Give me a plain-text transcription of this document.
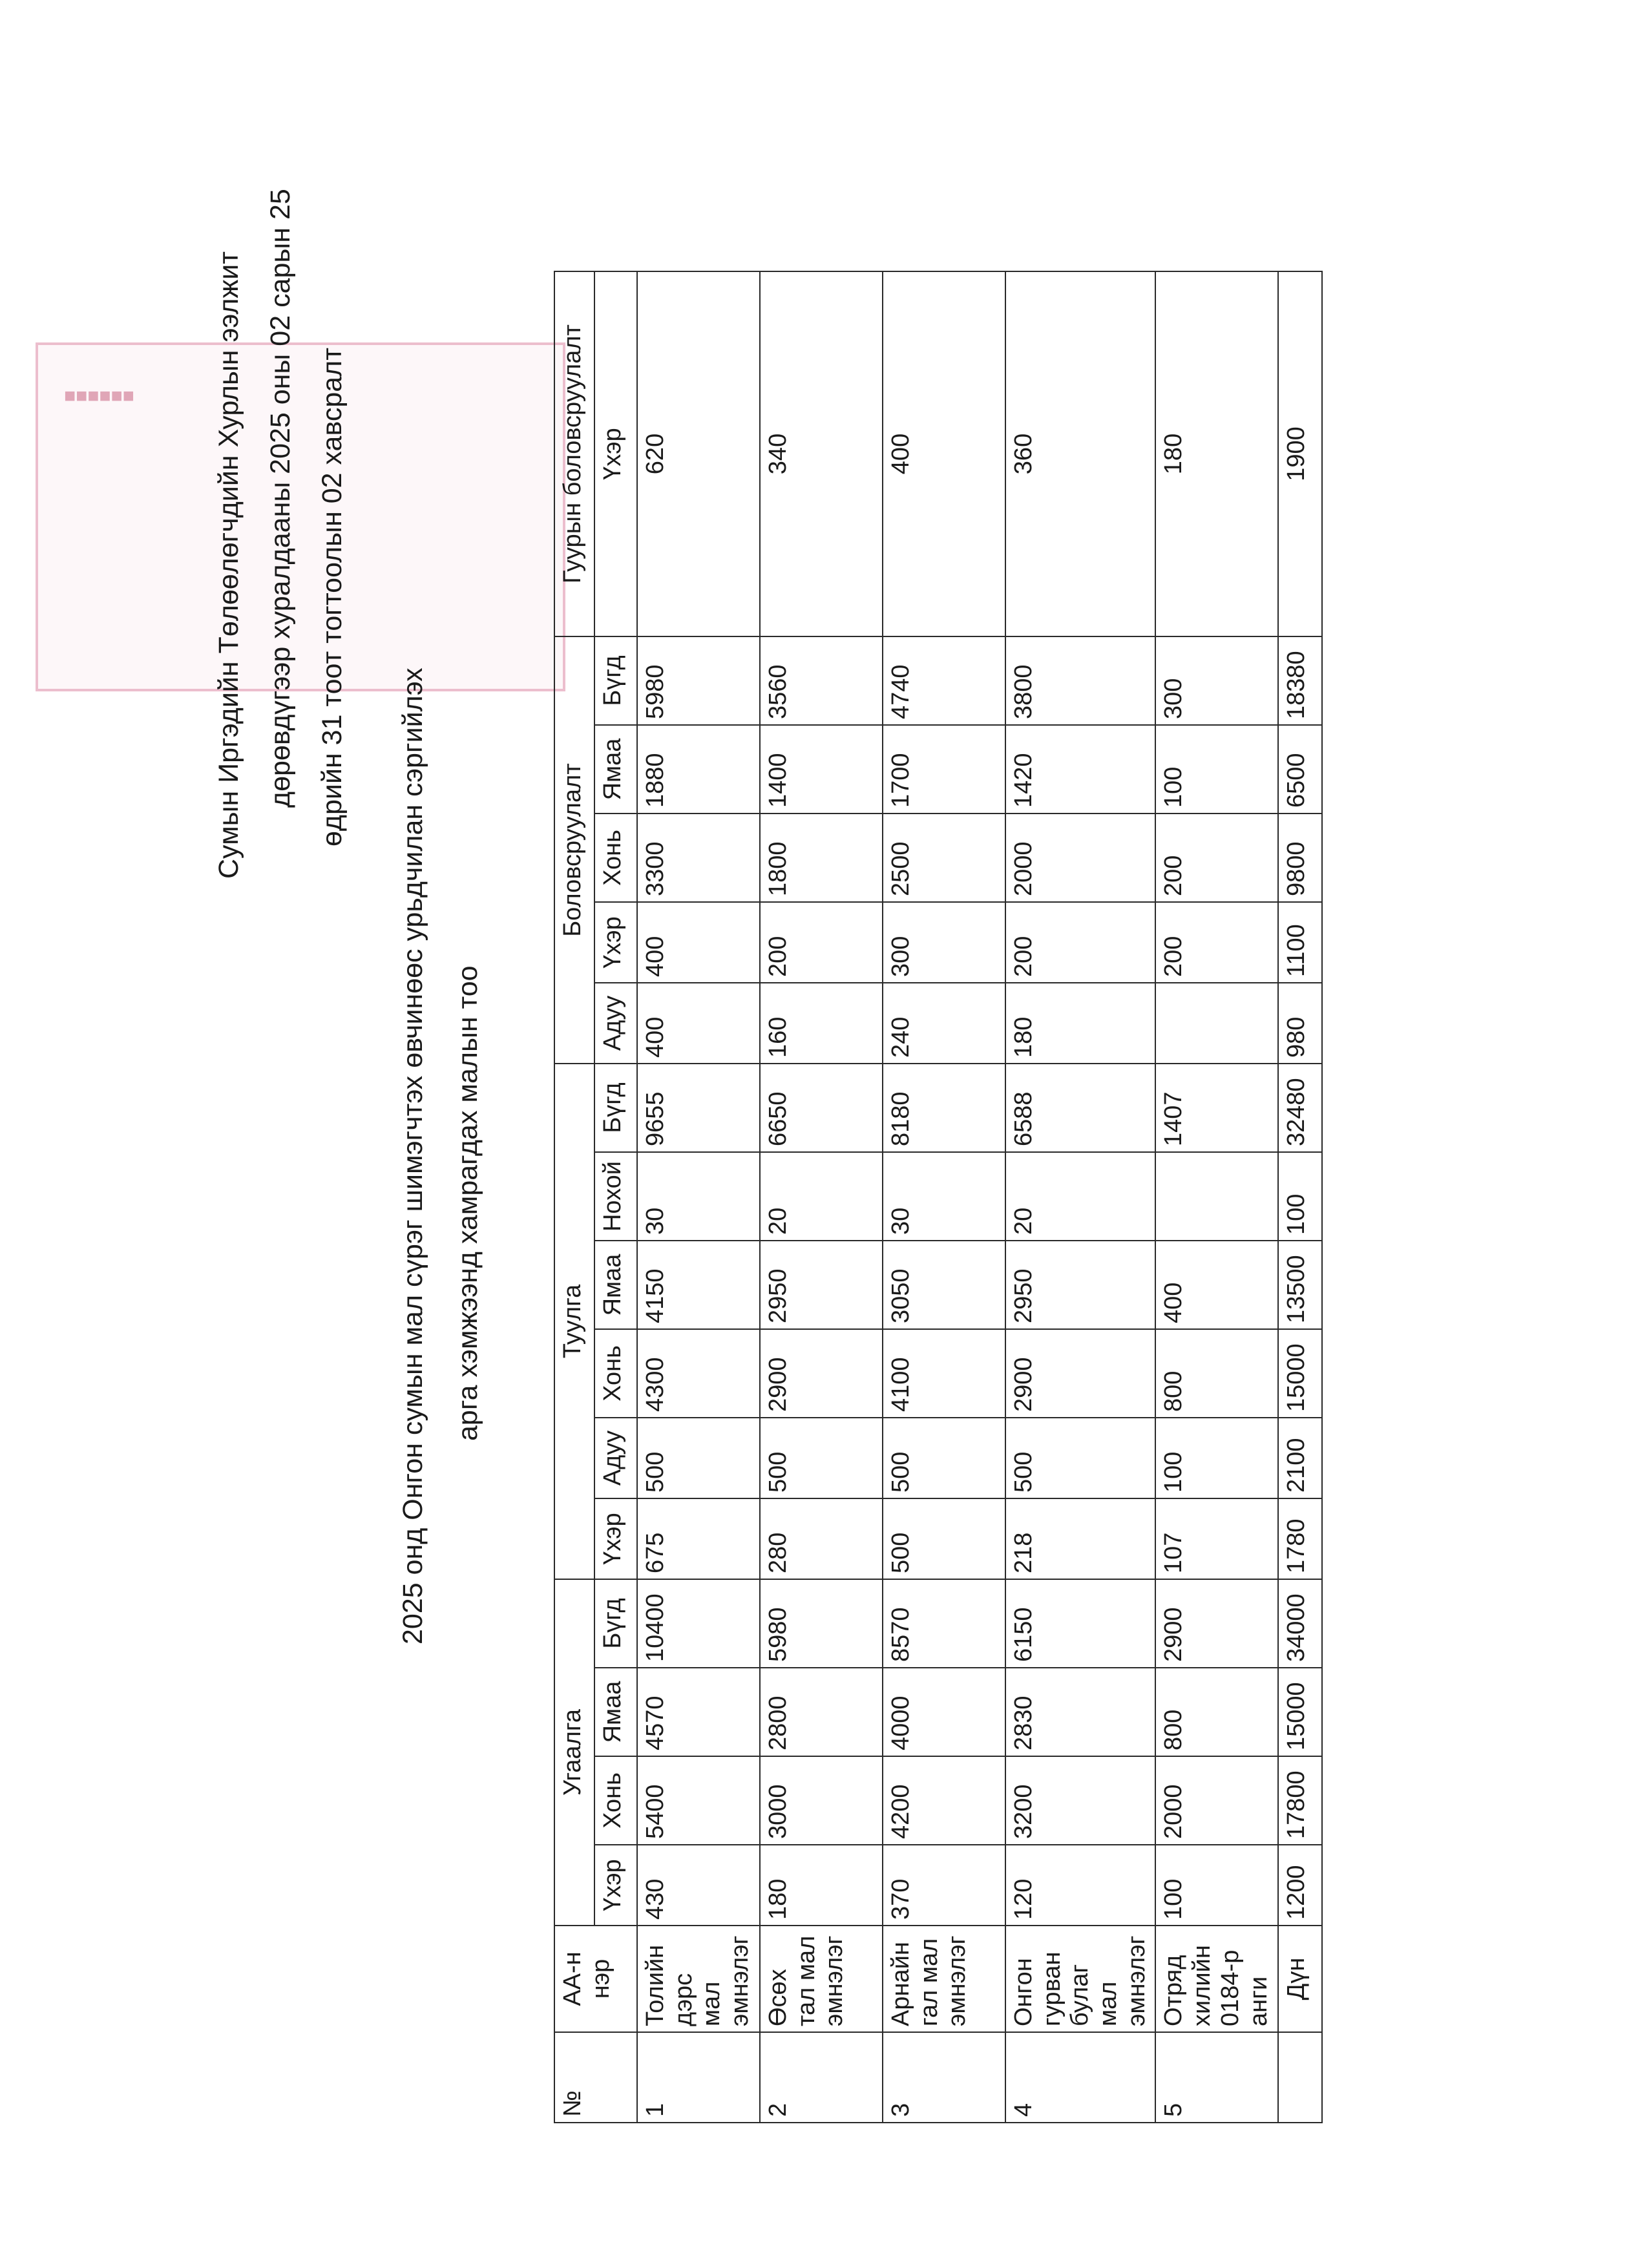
■■■■■■	Сумын Иргэдийн Төлөөлөгчдийн Хурлын ээлжит дөрөвдүгээр хуралдааны 2025 оны 02 сарын 25 өдрийн 31 тоот тогтоолын 02 хавсралт
2025 онд Онгон сумын мал сүрэг шимэгчтэх өвчинөөс урьдчилан сэргийлэх арга хэмжээнд хамрагдах малын тоо
№	АА-н нэр	Угаалга				Туулга						Боловсруулалт					Гуурын боловсруулалт
		Үхэр	Хонь	Ямаа	Бүгд	Үхэр	Адуу	Хонь	Ямаа	Нохой	Бүгд	Адуу	Үхэр	Хонь	Ямаа	Бүгд	Үхэр
1	Толийн дэрс мал эмнэлэг	430	5400	4570	10400	675	500	4300	4150	30	9655	400	400	3300	1880	5980	620
2	Өсөх тал мал эмнэлэг	180	3000	2800	5980	280	500	2900	2950	20	6650	160	200	1800	1400	3560	340
3	Арнайн гал мал эмнэлэг	370	4200	4000	8570	500	500	4100	3050	30	8180	240	300	2500	1700	4740	400
4	Онгон гурван булаг мал эмнэлэг	120	3200	2830	6150	218	500	2900	2950	20	6588	180	200	2000	1420	3800	360
5	Отряд хилийн 0184-р анги	100	2000	800	2900	107	100	800	400		1407		200	200	100	300	180
	Дүн	1200	17800	15000	34000	1780	2100	15000	13500	100	32480	980	1100	9800	6500	18380	1900
